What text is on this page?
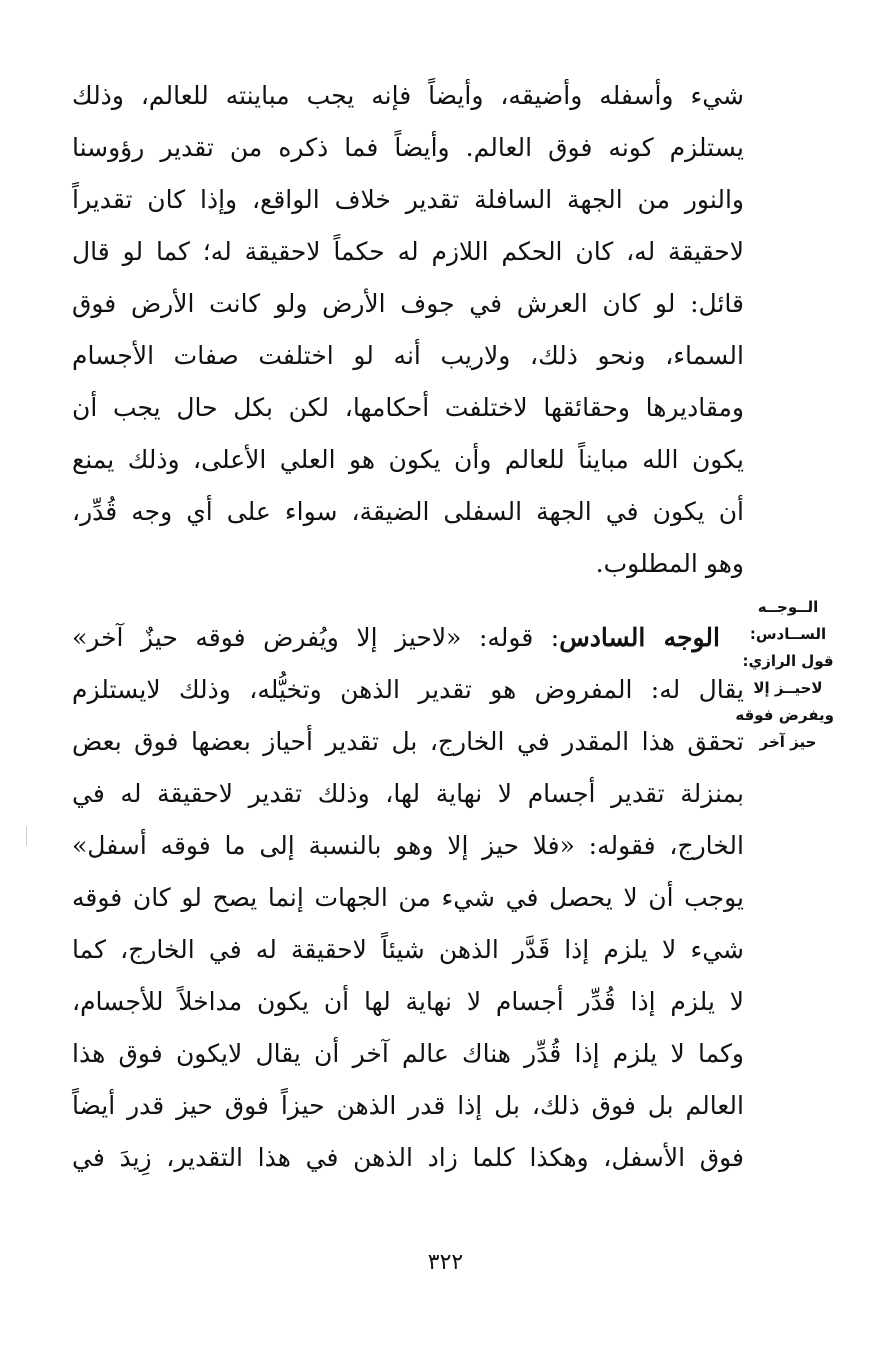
شيء وأسفله وأضيقه، وأيضاً فإنه يجب مباينته للعالم، وذلك
يستلزم كونه فوق العالم. وأيضاً فما ذكره من تقدير رؤوسنا
والنور من الجهة السافلة تقدير خلاف الواقع، وإذا كان تقديراً
لاحقيقة له، كان الحكم اللازم له حكماً لاحقيقة له؛ كما لو قال
قائل: لو كان العرش في جوف الأرض ولو كانت الأرض فوق
السماء، ونحو ذلك، ولاريب أنه لو اختلفت صفات الأجسام
ومقاديرها وحقائقها لاختلفت أحكامها، لكن بكل حال يجب أن
يكون الله مبايناً للعالم وأن يكون هو العلي الأعلى، وذلك يمنع
أن يكون في الجهة السفلى الضيقة، سواء على أي وجه قُدِّر،
وهو المطلوب.
الوجه السادس: قوله: «لاحيز إلا ويُفرض فوقه حيزٌ آخر»
يقال له: المفروض هو تقدير الذهن وتخيُّله، وذلك لايستلزم
تحقق هذا المقدر في الخارج، بل تقدير أحياز بعضها فوق بعض
بمنزلة تقدير أجسام لا نهاية لها، وذلك تقدير لاحقيقة له في
الخارج، فقوله: «فلا حيز إلا وهو بالنسبة إلى ما فوقه أسفل»
يوجب أن لا يحصل في شيء من الجهات إنما يصح لو كان فوقه
شيء لا يلزم إذا قَدَّر الذهن شيئاً لاحقيقة له في الخارج، كما
لا يلزم إذا قُدِّر أجسام لا نهاية لها أن يكون مداخلاً للأجسام،
وكما لا يلزم إذا قُدِّر هناك عالم آخر أن يقال لايكون فوق هذا
العالم بل فوق ذلك، بل إذا قدر الذهن حيزاً فوق حيز قدر أيضاً
فوق الأسفل، وهكذا كلما زاد الذهن في هذا التقدير، زِيدَ في
الــوجــه
الســادس:
قول الرازي:
لاحيــز إلا
ويفرض فوقه
حيز آخر
٣٢٢
